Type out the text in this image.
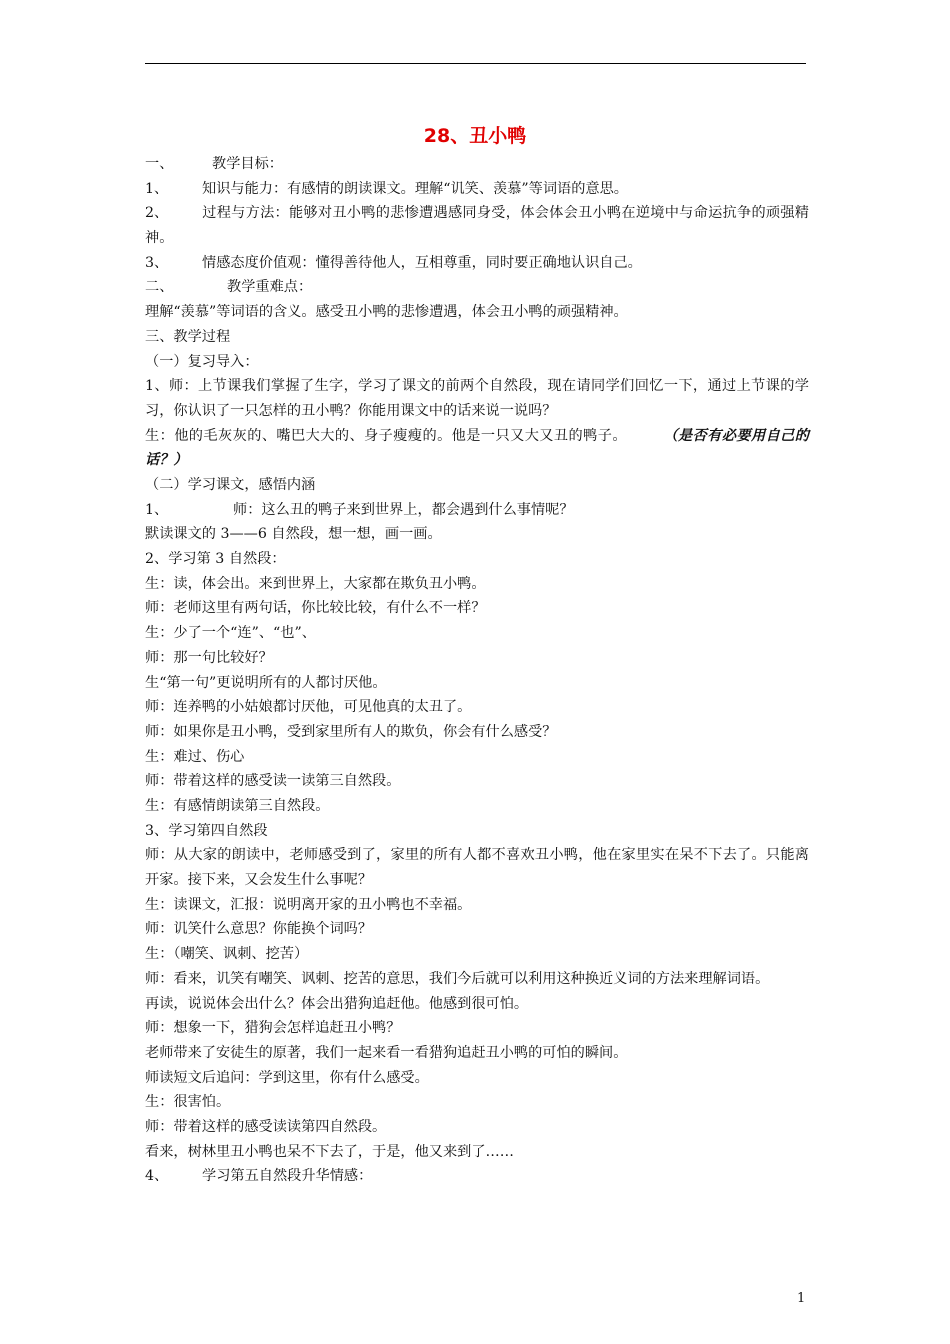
28、丑小鸭
一、	教学目标：
1、 知识与能力：有感情的朗读课文。理解“讥笑、羡慕”等词语的意思。
2、 过程与方法：能够对丑小鸭的悲惨遭遇感同身受，体会体会丑小鸭在逆境中与命运抗争的顽强精神。
3、 情感态度价值观：懂得善待他人，互相尊重，同时要正确地认识自己。
二、	教学重难点：
理解“羡慕”等词语的含义。感受丑小鸭的悲惨遭遇，体会丑小鸭的顽强精神。
三、教学过程
（一）复习导入：
1、师：上节课我们掌握了生字，学习了课文的前两个自然段，现在请同学们回忆一下，通过上节课的学习，你认识了一只怎样的丑小鸭？你能用课文中的话来说一说吗？
生：他的毛灰灰的、嘴巴大大的、身子瘦瘦的。他是一只又大又丑的鸭子。	（是否有必要用自己的话？）
（二）学习课文，感悟内涵
1、	师：这么丑的鸭子来到世界上，都会遇到什么事情呢？
默读课文的 3——6 自然段，想一想，画一画。
2、学习第 3 自然段：
生：读，体会出。来到世界上，大家都在欺负丑小鸭。
师：老师这里有两句话，你比较比较，有什么不一样？
生：少了一个“连”、“也”、
师：那一句比较好？
生“第一句”更说明所有的人都讨厌他。
师：连养鸭的小姑娘都讨厌他，可见他真的太丑了。
师：如果你是丑小鸭，受到家里所有人的欺负，你会有什么感受？
生：难过、伤心
师：带着这样的感受读一读第三自然段。
生：有感情朗读第三自然段。
3、学习第四自然段
师：从大家的朗读中，老师感受到了，家里的所有人都不喜欢丑小鸭，他在家里实在呆不下去了。只能离开家。接下来，又会发生什么事呢？
生：读课文，汇报：说明离开家的丑小鸭也不幸福。
师：讥笑什么意思？你能换个词吗？
生：（嘲笑、讽刺、挖苦）
师：看来，讥笑有嘲笑、讽刺、挖苦的意思，我们今后就可以利用这种换近义词的方法来理解词语。
再读，说说体会出什么？体会出猎狗追赶他。他感到很可怕。
师：想象一下，猎狗会怎样追赶丑小鸭？
老师带来了安徒生的原著，我们一起来看一看猎狗追赶丑小鸭的可怕的瞬间。
师读短文后追问：学到这里，你有什么感受。
生：很害怕。
师：带着这样的感受读读第四自然段。
看来，树林里丑小鸭也呆不下去了，于是，他又来到了……
4、 学习第五自然段升华情感：
1
